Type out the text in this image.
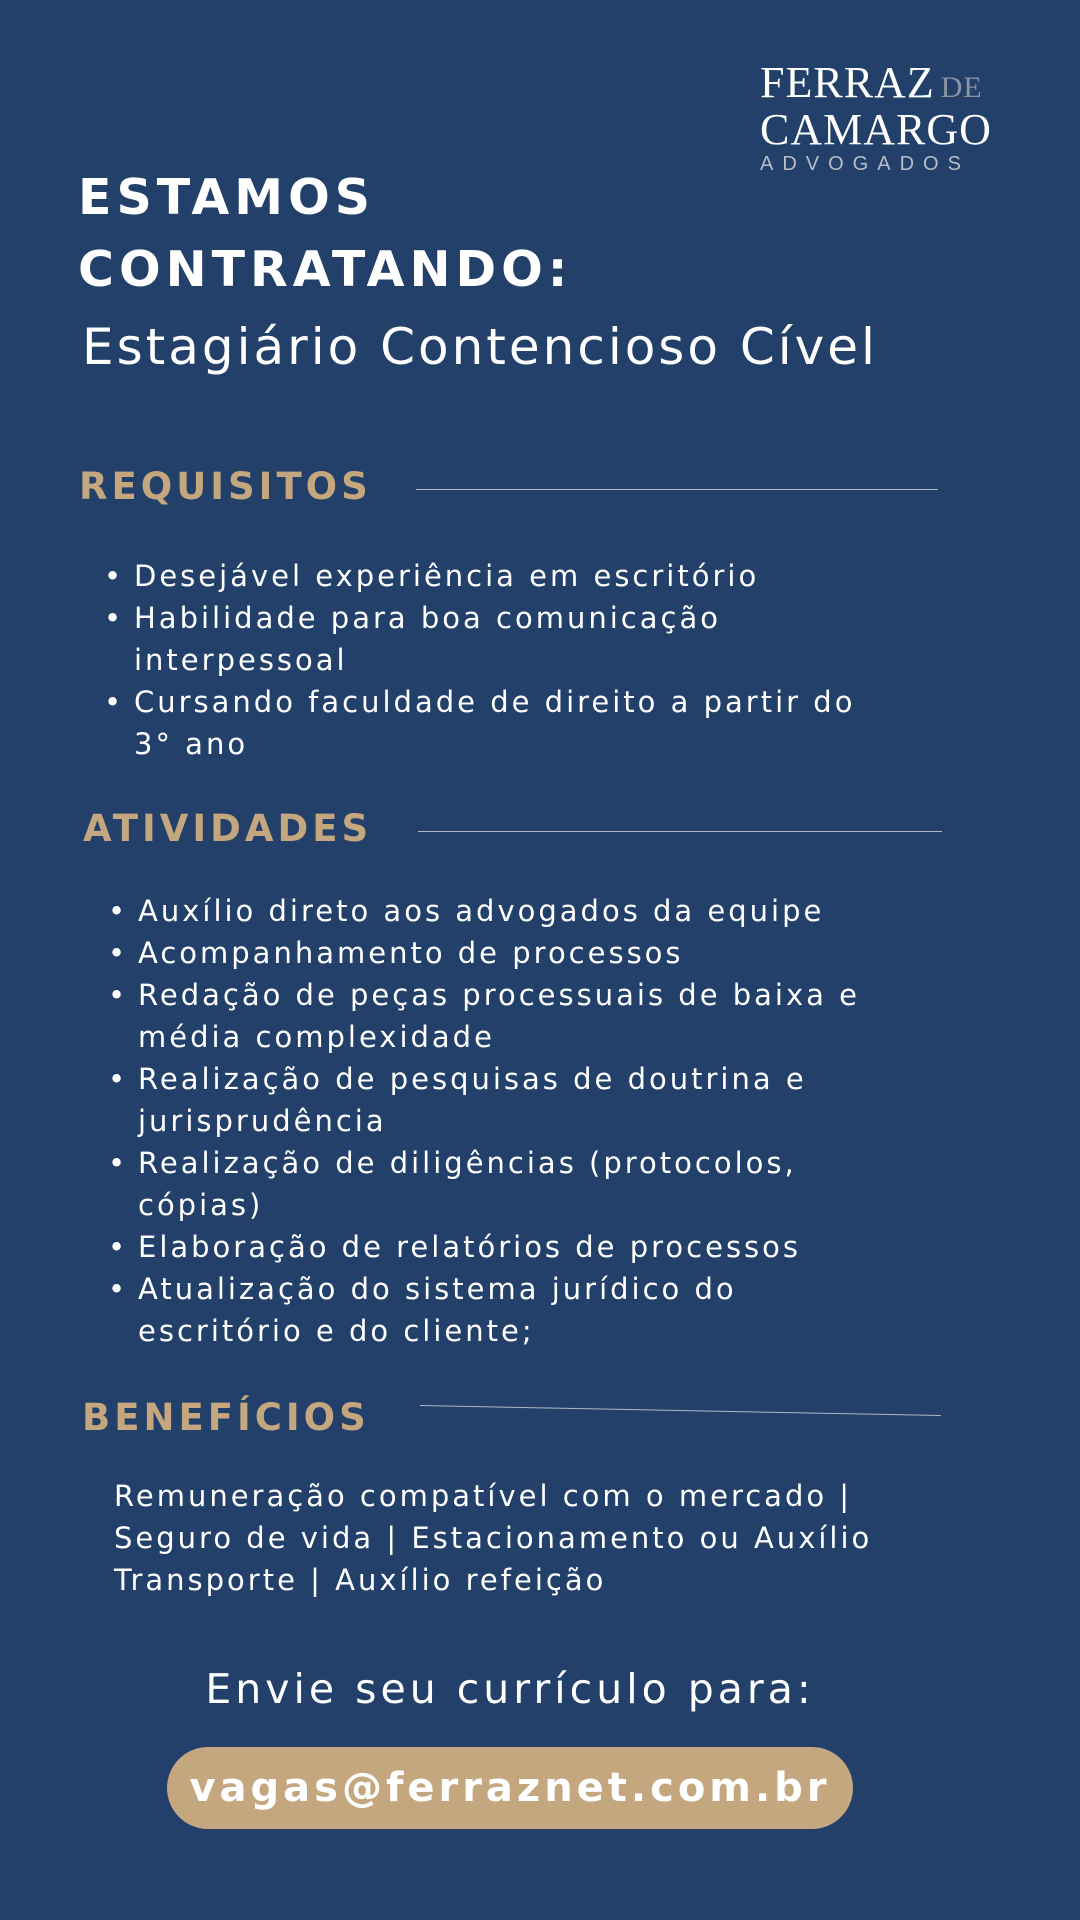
FERRAZ DE
CAMARGO
ADVOGADOS
ESTAMOS
CONTRATANDO:
Estagiário Contencioso Cível
REQUISITOS
• Desejável experiência em escritório
• Habilidade para boa comunicação interpessoal
• Cursando faculdade de direito a partir do 3° ano
ATIVIDADES
• Auxílio direto aos advogados da equipe
• Acompanhamento de processos
• Redação de peças processuais de baixa e média complexidade
• Realização de pesquisas de doutrina e jurisprudência
• Realização de diligências (protocolos, cópias)
• Elaboração de relatórios de processos
• Atualização do sistema jurídico do escritório e do cliente;
BENEFÍCIOS
Remuneração compatível com o mercado | Seguro de vida | Estacionamento ou Auxílio Transporte | Auxílio refeição
Envie seu currículo para:
vagas@ferraznet.com.br
